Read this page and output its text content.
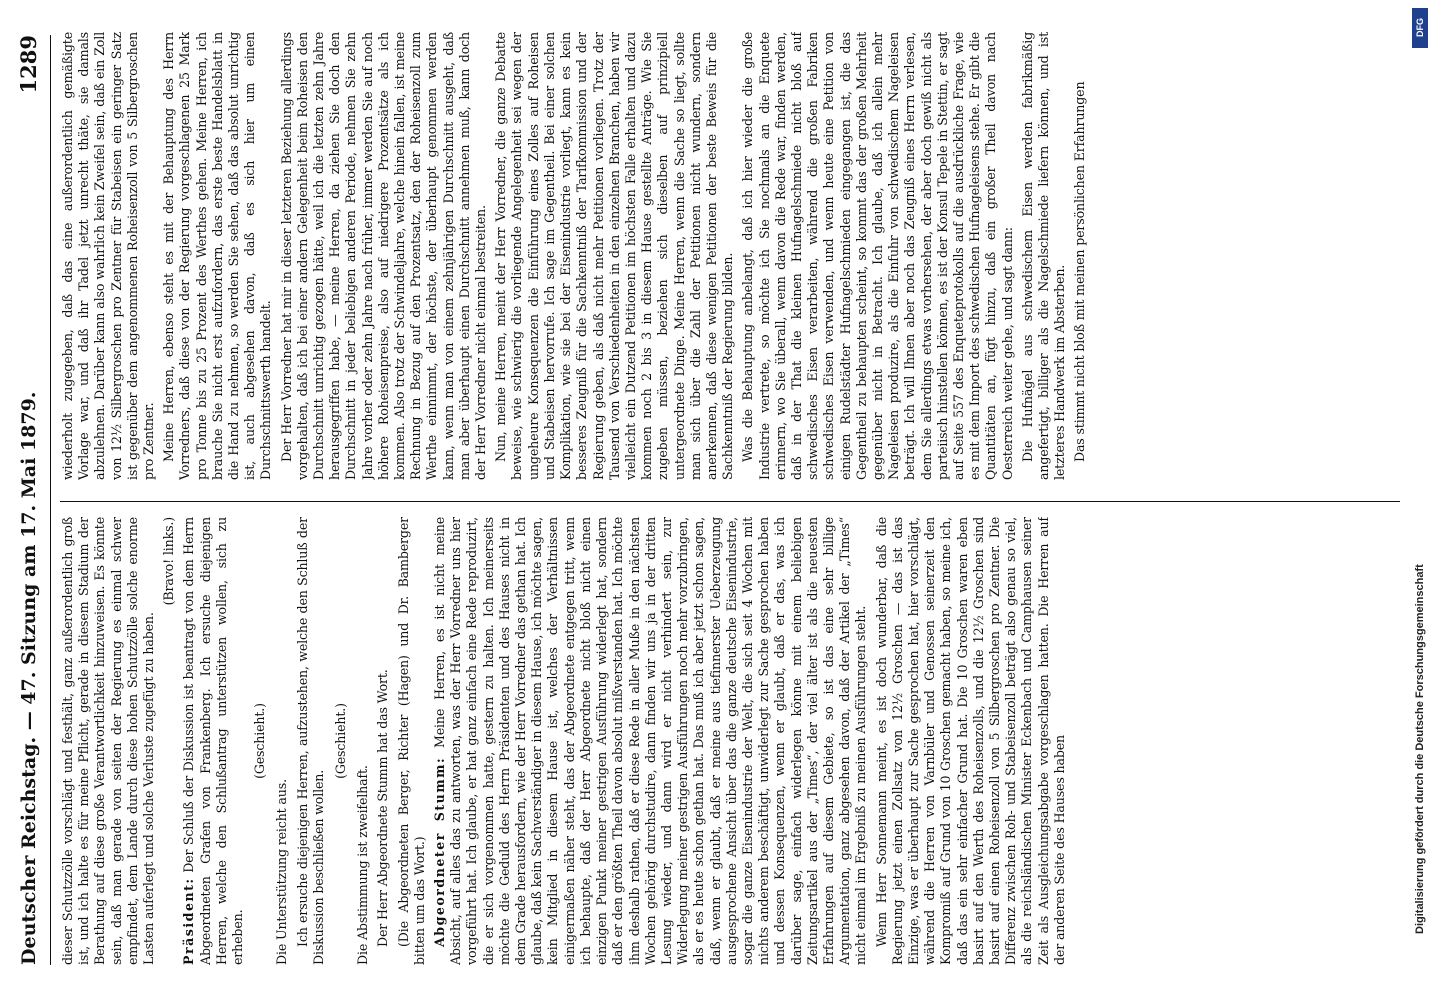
Deutscher Reichstag. — 47. Sitzung am 17. Mai 1879.
1289

dieser Schutzzölle vorschlägt und festhält, ganz außerordentlich groß ist, und ich halte es für meine Pflicht, gerade in diesem Stadium der Berathung auf diese große Verantwortlichkeit hinzuweisen. Es könnte sein, daß man gerade von seiten der Regierung es einmal schwer empfindet, dem Lande durch diese hohen Schutzzölle solche enorme Lasten auferlegt und solche Verluste zugefügt zu haben.

(Bravo! links.)

Präsident: Der Schluß der Diskussion ist beantragt von dem Herrn Abgeordneten Grafen von Frankenberg. Ich ersuche diejenigen Herren, welche den Schlußantrag unterstützen wollen, sich zu erheben.

(Geschieht.)

Die Unterstützung reicht aus. Ich ersuche diejenigen Herren, aufzustehen, welche den Schluß der Diskussion beschließen wollen.

(Geschieht.)

Die Abstimmung ist zweifelhaft. Der Herr Abgeordnete Stumm hat das Wort. (Die Abgeordneten Berger, Richter (Hagen) und Dr. Bamberger bitten um das Wort.) Abgeordneter Stumm: Meine Herren, es ist nicht meine Absicht, auf alles das zu antworten, was der Herr Vorredner uns hier vorgeführt hat. Ich glaube, er hat ganz einfach eine Rede reproduzirt, die er sich vorgenommen hatte, gestern zu halten. Ich meinerseits möchte die Geduld des Herrn Präsidenten und des Hauses nicht in dem Grade herausfordern, wie der Herr Vorredner das gethan hat. Ich glaube, daß kein Sachverständiger in diesem Hause, ich möchte sagen, kein Mitglied in diesem Hause ist, welches der Verhältnissen einigermaßen näher steht, das der Abgeordnete entgegen tritt, wenn ich behaupte, daß der Herr Abgeordnete nicht bloß nicht einen einzigen Punkt meiner gestrigen Ausführung widerlegt hat, sondern daß er den größten Theil davon absolut mißverstanden hat. Ich möchte ihm deshalb rathen, daß er diese Rede in aller Muße in den nächsten Wochen gehörig durchstudire, dann finden wir uns ja in der dritten Lesung wieder, und dann wird er nicht verhindert sein, zur Widerlegung meiner gestrigen Ausführungen noch mehr vorzubringen, als er es heute schon gethan hat. Das muß ich aber jetzt schon sagen, daß, wenn er glaubt, daß er meine aus tiefinnerster Ueberzeugung ausgesprochene Ansicht über das die ganze deutsche Eisenindustrie, sogar die ganze Eisenindustrie der Welt, die sich seit 4 Wochen mit nichts anderem beschäftigt, unwiderlegt zur Sache gesprochen haben und dessen Konsequenzen, wenn er glaubt, daß er das, was ich darüber sage, einfach widerlegen könne mit einem beliebigen Zeitungsartikel aus der „Times“, der viel älter ist als die neuesten Erfahrungen auf diesem Gebiete, so ist das eine sehr billige Argumentation, ganz abgesehen davon, daß der Artikel der „Times“ nicht einmal im Ergebniß zu meinen Ausführungen steht. Wenn Herr Sonnemann meint, es ist doch wunderbar, daß die Regierung jetzt einen Zollsatz von 12½ Groschen — das ist das Einzige, was er überhaupt zur Sache gesprochen hat, hier vorschlägt, während die Herren von Varnbüler und Genossen seinerzeit den Kompromiß auf Grund von 10 Groschen gemacht haben, so meine ich, daß das ein sehr einfacher Grund hat. Die 10 Groschen waren eben basirt auf den Werth des Roheisenzolls, und die 12½ Groschen sind basirt auf einen Roheisenzoll von 5 Silbergroschen pro Zentner. Die Differenz zwischen Roh- und Stabeisenzoll beträgt also genau so viel, als die reichsländischen Minister Eckenbach und Camphausen seiner Zeit als Ausgleichungsabgabe vorgeschlagen hatten. Die Herren auf der anderen Seite des Hauses haben

wiederholt zugegeben, daß das eine außerordentlich gemäßigte Vorlage war, und daß ihr Tadel jetzt unrecht thäte, sie damals abzulehnen. Darüber kann also wahrlich kein Zweifel sein, daß ein Zoll von 12½ Silbergroschen pro Zentner für Stabeisen ein geringer Satz ist gegenüber dem angenommenen Roheisenzoll von 5 Silbergroschen pro Zentner. Meine Herren, ebenso steht es mit der Behauptung des Herrn Vorredners, daß diese von der Regierung vorgeschlagenen 25 Mark pro Tonne bis zu 25 Prozent des Werthes gehen. Meine Herren, ich brauche Sie nicht erst aufzufordern, das erste beste Handelsblatt in die Hand zu nehmen, so werden Sie sehen, daß das absolut unrichtig ist, auch abgesehen davon, daß es sich hier um einen Durchschnittswerth handelt. Der Herr Vorredner hat mir in dieser letzteren Beziehung allerdings vorgehalten, daß ich bei einer andern Gelegenheit beim Roheisen den Durchschnitt unrichtig gezogen hätte, weil ich die letzten zehn Jahre herausgegriffen habe, — meine Herren, da ziehen Sie doch den Durchschnitt in jeder beliebigen anderen Periode, nehmen Sie zehn Jahre vorher oder zehn Jahre nach früher, immer werden Sie auf noch höhere Roheisenpreise, also auf niedrigere Prozentsätze als ich kommen. Also trotz der Schwindeljahre, welche hinein fallen, ist meine Rechnung in Bezug auf den Prozentsatz, den der Roheisenzoll zum Werthe einnimmt, der höchste, der überhaupt genommen werden kann, wenn man von einem zehnjährigen Durchschnitt ausgeht, daß man aber überhaupt einen Durchschnitt annehmen muß, kann doch der Herr Vorredner nicht einmal bestreiten. Nun, meine Herren, meint der Herr Vorredner, die ganze Debatte beweise, wie schwierig die vorliegende Angelegenheit sei wegen der ungeheure Konsequenzen die Einführung eines Zolles auf Roheisen und Stabeisen hervorrufe. Ich sage im Gegentheil. Bei einer solchen Komplikation, wie sie bei der Eisenindustrie vorliegt, kann es kein besseres Zeugniß für die Sachkenntniß der Tarifkommission und der Regierung geben, als daß nicht mehr Petitionen vorliegen. Trotz der Tausend von Verschiedenheiten in den einzelnen Branchen, haben wir vielleicht ein Dutzend Petitionen im höchsten Falle erhalten und dazu kommen noch 2 bis 3 in diesem Hause gestellte Anträge. Wie Sie zugeben müssen, beziehen sich dieselben auf prinzipiell untergeordnete Dinge. Meine Herren, wenn die Sache so liegt, sollte man sich über die Zahl der Petitionen nicht wundern, sondern anerkennen, daß diese wenigen Petitionen der beste Beweis für die Sachkenntniß der Regierung bilden. Was die Behauptung anbelangt, daß ich hier wieder die große Industrie vertrete, so möchte ich Sie nochmals an die Enquete erinnern, wo Sie überall, wenn davon die Rede war, finden werden, daß in der That die kleinen Hufnagelschmiede nicht bloß auf schwedisches Eisen verarbeiten, während die großen Fabriken schwedisches Eisen verwenden, und wenn heute eine Petition von einigen Rudelstädter Hufnagelschmieden eingegangen ist, die das Gegentheil zu behaupten scheint, so kommt das der großen Mehrheit gegenüber nicht in Betracht. Ich glaube, daß ich allein mehr Nageleisen produzire, als die Einfuhr von schwedischem Nageleisen beträgt. Ich will Ihnen aber noch das Zeugniß eines Herrn verlesen, dem Sie allerdings etwas vorhersehen, der aber doch gewiß nicht als parteiisch hinstellen können, es ist der Konsul Tepele in Stettin, er sagt auf Seite 557 des Enqueteprotokolls auf die ausdrückliche Frage, wie es mit dem Import des schwedischen Hufnageleisens stehe. Er gibt die Quantitäten an, fügt hinzu, daß ein großer Theil davon nach Oesterreich weiter gehe, und sagt dann: Die Hufnägel aus schwedischem Eisen werden fabrikmäßig angefertigt, billiger als die Nagelschmiede liefern können, und ist letzteres Handwerk im Absterben. Das stimmt nicht bloß mit meinen persönlichen Erfahrungen

DFG
Digitalisierung gefördert durch die Deutsche Forschungsgemeinschaft
